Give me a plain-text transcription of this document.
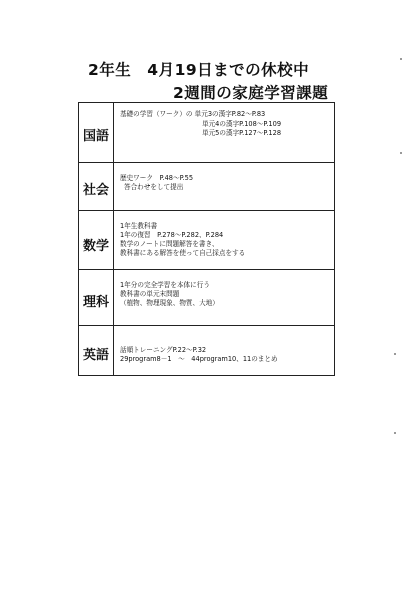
2年生　4月19日までの休校中
2週間の家庭学習課題
国語
基礎の学習（ワーク）の 単元3の漢字P.82～P.83
単元4の漢字P.108～P.109
単元5の漢字P.127～P.128
社会
歴史ワーク　P.48～P.55
答合わせをして提出
数学
1年生教科書
1年の復習　P.278～P.282、P.284
数学のノートに問題解答を書き、
教科書にある解答を使って自己採点をする
理科
1年分の完全学習を本体に行う
教科書の単元末問題
（植物、物理現象、物質、大地）
英語	話順トレーニングP.22～P.32
29program8－1　～　44program10、11のまとめ
